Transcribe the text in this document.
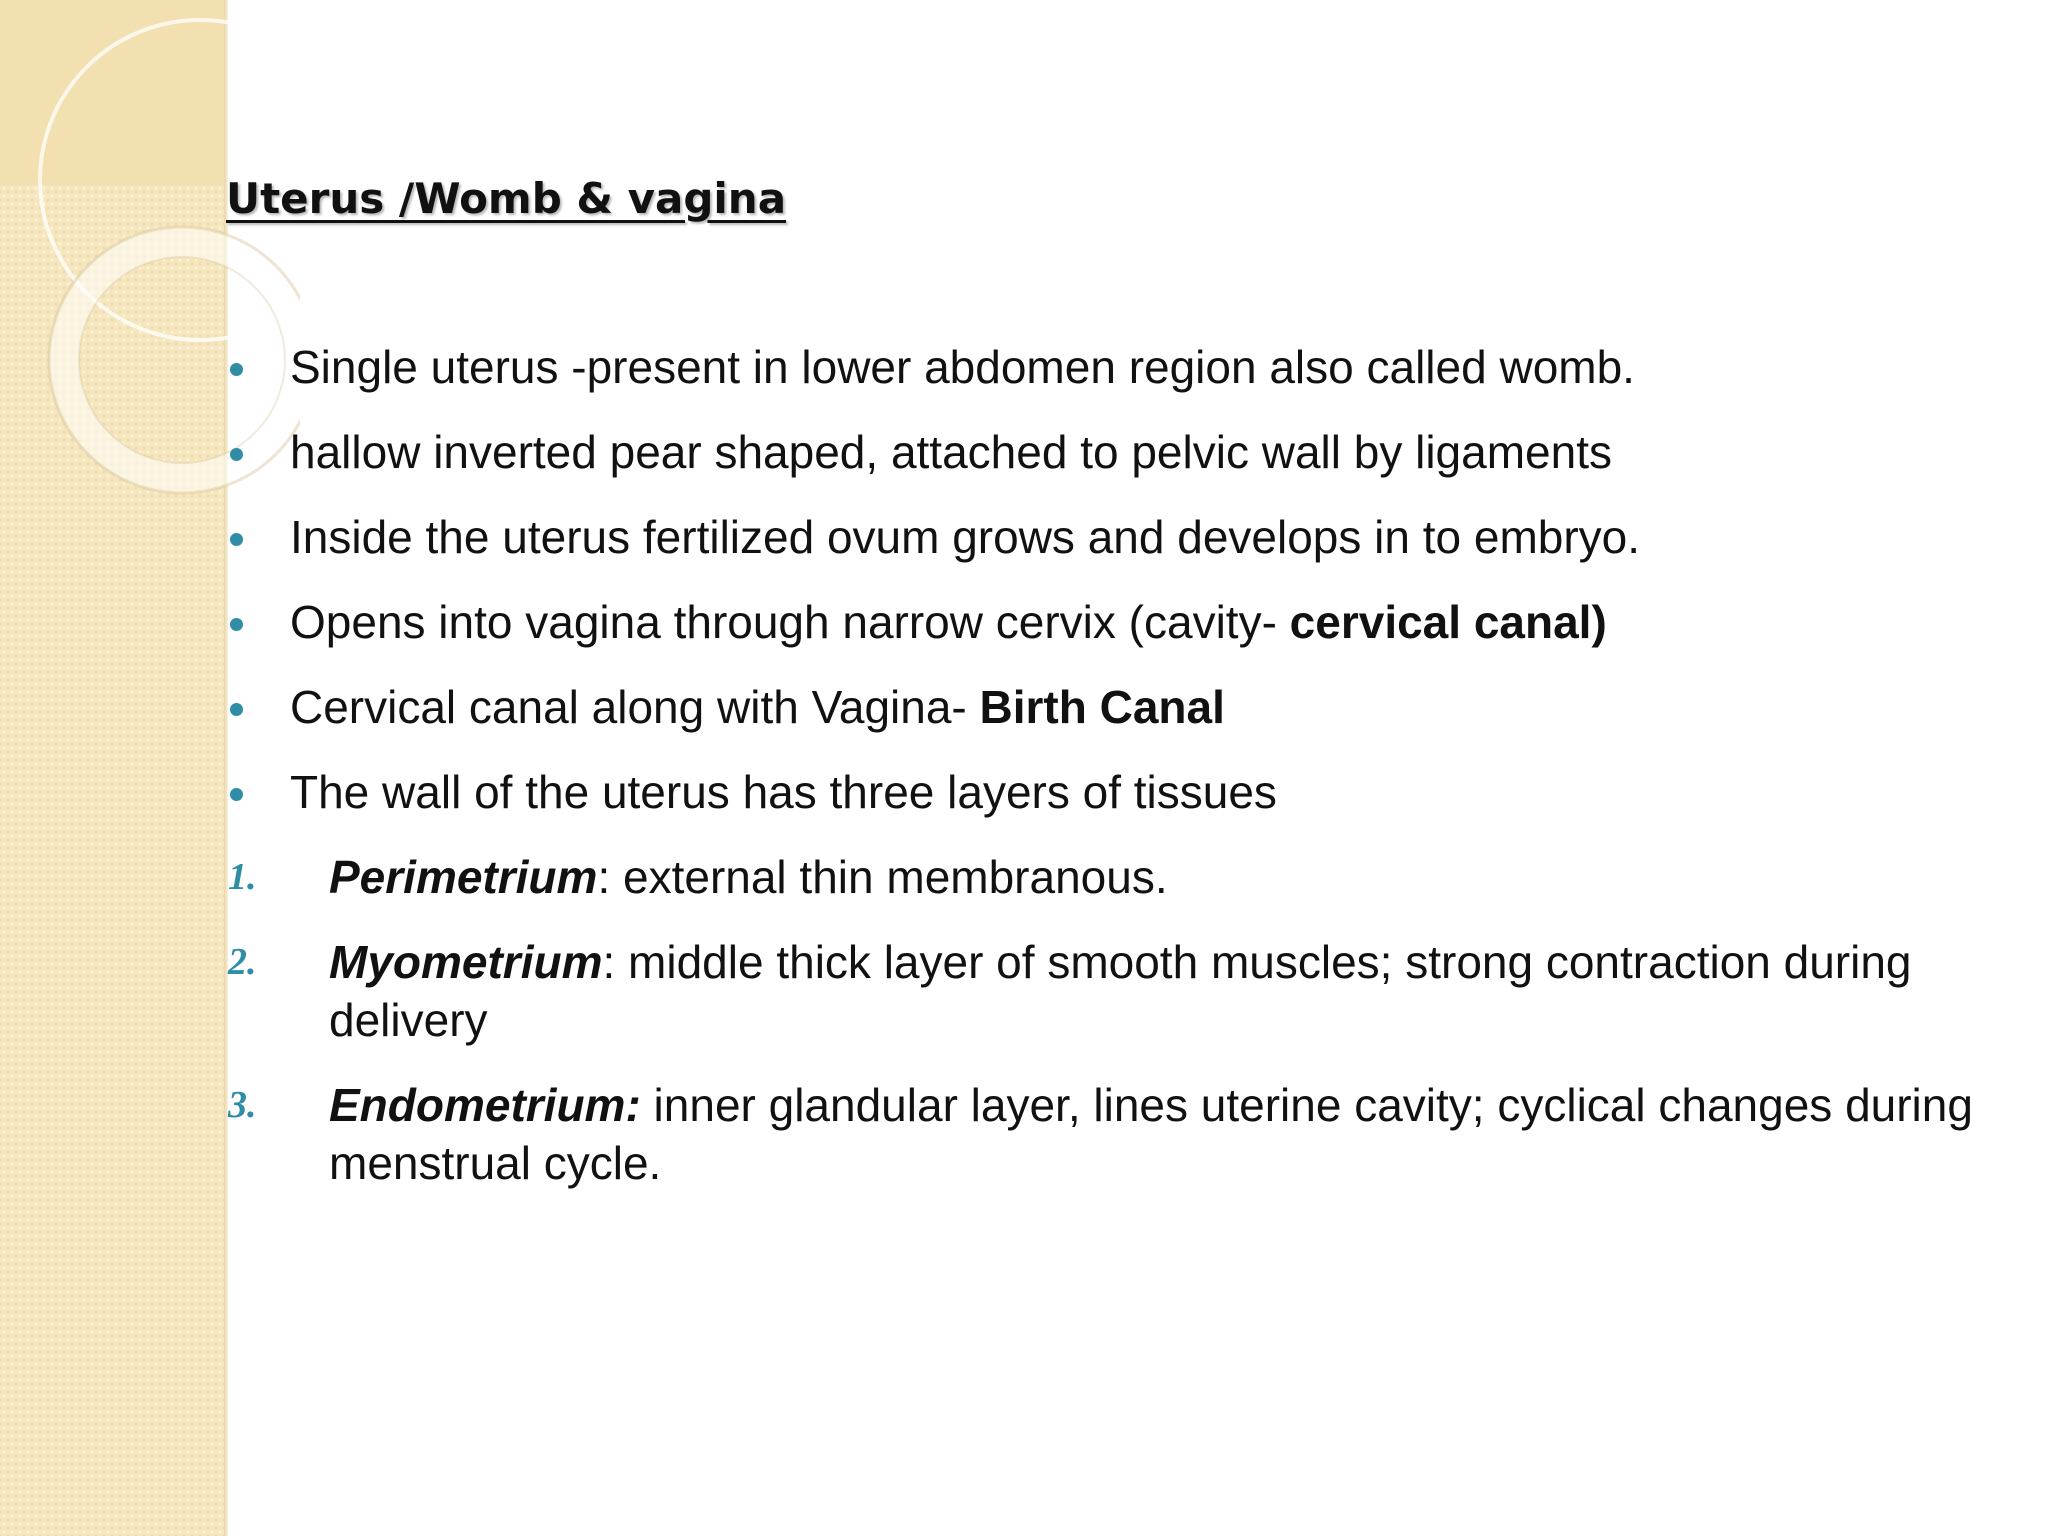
Uterus /Womb & vagina
Single uterus -present in lower abdomen region also called womb.
hallow inverted pear shaped, attached to pelvic wall by ligaments
Inside the uterus fertilized ovum grows and develops in to embryo.
Opens into vagina through narrow cervix (cavity- cervical canal)
Cervical canal along with Vagina- Birth Canal
The wall of the uterus has three layers of tissues
1. Perimetrium: external thin membranous.
2. Myometrium: middle thick layer of smooth muscles; strong contraction during delivery
3. Endometrium: inner glandular layer, lines uterine cavity; cyclical changes during menstrual cycle.
